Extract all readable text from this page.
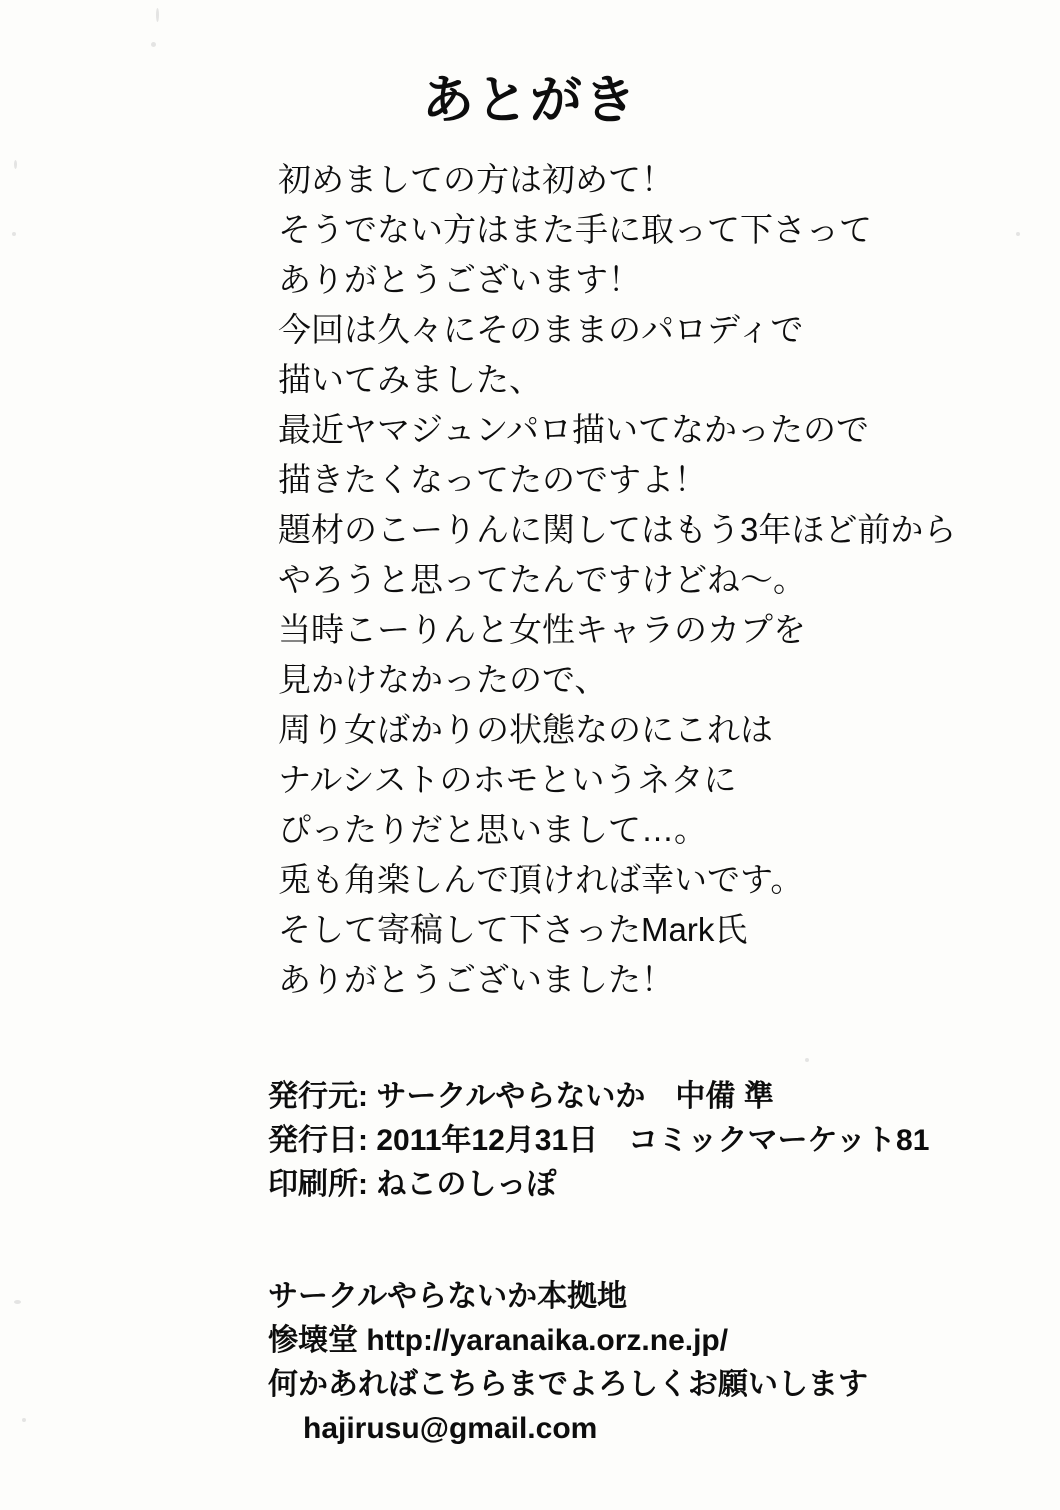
あとがき
初めましての方は初めて！
そうでない方はまた手に取って下さって
ありがとうございます！
今回は久々にそのままのパロディで
描いてみました、
最近ヤマジュンパロ描いてなかったので
描きたくなってたのですよ！
題材のこーりんに関してはもう3年ほど前から
やろうと思ってたんですけどね〜。
当時こーりんと女性キャラのカプを
見かけなかったので、
周り女ばかりの状態なのにこれは
ナルシストのホモというネタに
ぴったりだと思いまして…。
兎も角楽しんで頂ければ幸いです。
そして寄稿して下さったMark氏
ありがとうございました！
発行元: サークルやらないか　中備 準
発行日: 2011年12月31日　コミックマーケット81
印刷所: ねこのしっぽ
サークルやらないか本拠地
惨壊堂 http://yaranaika.orz.ne.jp/
何かあればこちらまでよろしくお願いします
hajirusu@gmail.com
